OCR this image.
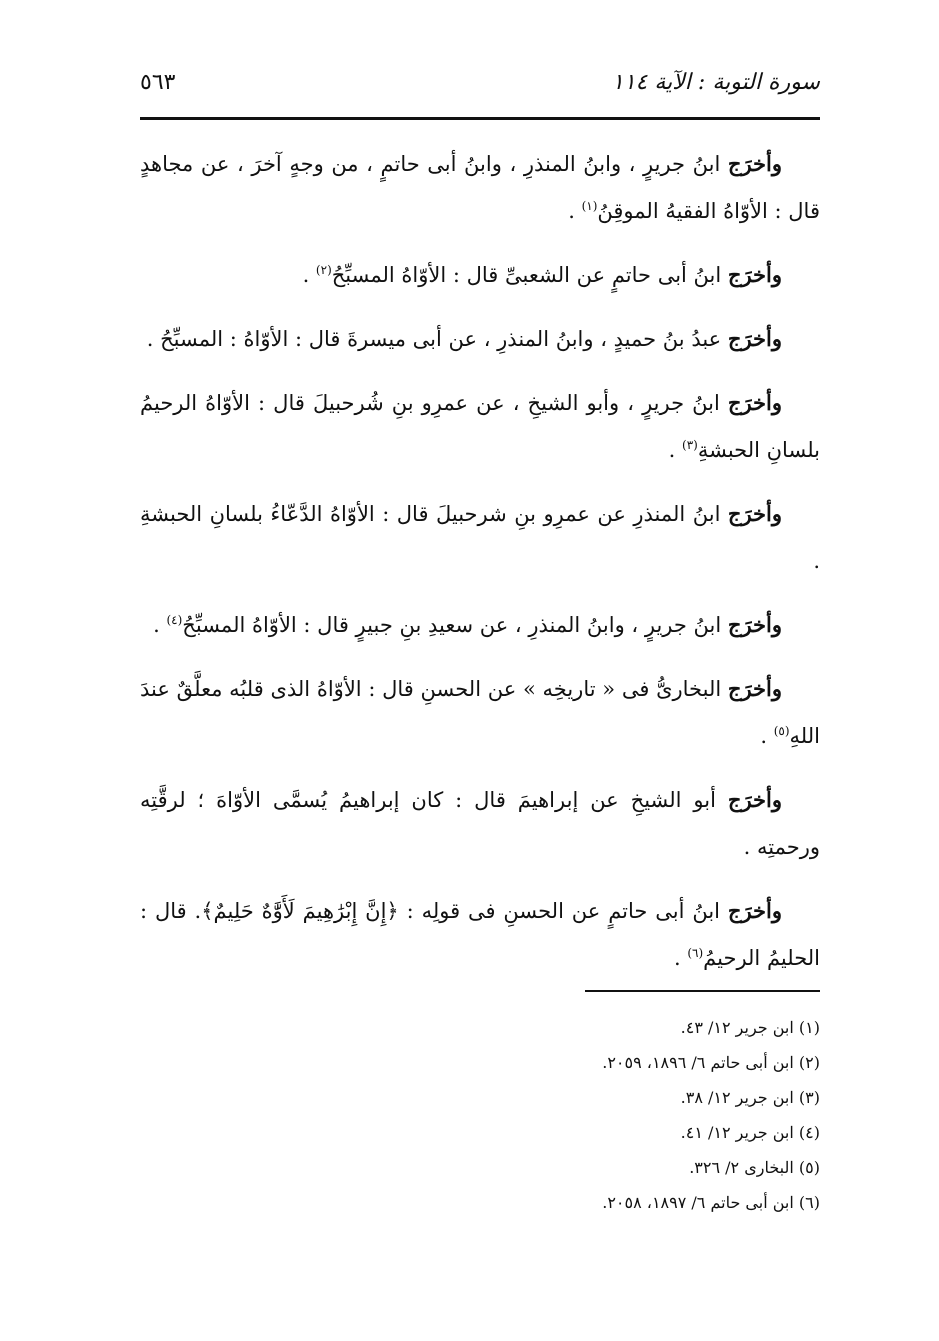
سورة التوبة : الآية ١١٤
٥٦٣

وأخرَج ابنُ جريرٍ ، وابنُ المنذرِ ، وابنُ أبى حاتمٍ ، من وجهٍ آخرَ ، عن مجاهدٍ قال : الأوّاهُ الفقيهُ الموقِنُ$^{(١)}$ .

وأخرَج ابنُ أبى حاتمٍ عن الشعبىِّ قال : الأوّاهُ المسبِّحُ$^{(٢)}$ .

وأخرَج عبدُ بنُ حميدٍ ، وابنُ المنذرِ ، عن أبى ميسرةَ قال : الأوّاهُ : المسبِّحُ .

وأخرَج ابنُ جريرٍ ، وأبو الشيخِ ، عن عمرِو بنِ شُرحبيلَ قال : الأوّاهُ الرحيمُ بلسانِ الحبشةِ$^{(٣)}$ .

وأخرَج ابنُ المنذرِ عن عمرِو بنِ شرحبيلَ قال : الأوّاهُ الدَّعّاءُ بلسانِ الحبشةِ .

وأخرَج ابنُ جريرٍ ، وابنُ المنذرِ ، عن سعيدِ بنِ جبيرٍ قال : الأوّاهُ المسبِّحُ$^{(٤)}$ .

وأخرَج البخارىُّ فى « تاريخِه » عن الحسنِ قال : الأوّاهُ الذى قلبُه معلَّقٌ عندَ اللهِ$^{(٥)}$ .

وأخرَج أبو الشيخِ عن إبراهيمَ قال : كان إبراهيمُ يُسمَّى الأوّاهَ ؛ لرقَّتِه ورحمتِه .

وأخرَج ابنُ أبى حاتمٍ عن الحسنِ فى قولِه : ﴿إِنَّ إِبْرَٰهِيمَ لَأَوَّٰهٌ حَلِيمٌ﴾. قال : الحليمُ الرحيمُ$^{(٦)}$ .

(١) ابن جرير ١٢/ ٤٣.

(٢) ابن أبى حاتم ٦/ ١٨٩٦، ٢٠٥٩.

(٣) ابن جرير ١٢/ ٣٨.

(٤) ابن جرير ١٢/ ٤١.

(٥) البخارى ٢/ ٣٢٦.

(٦) ابن أبى حاتم ٦/ ١٨٩٧، ٢٠٥٨.
